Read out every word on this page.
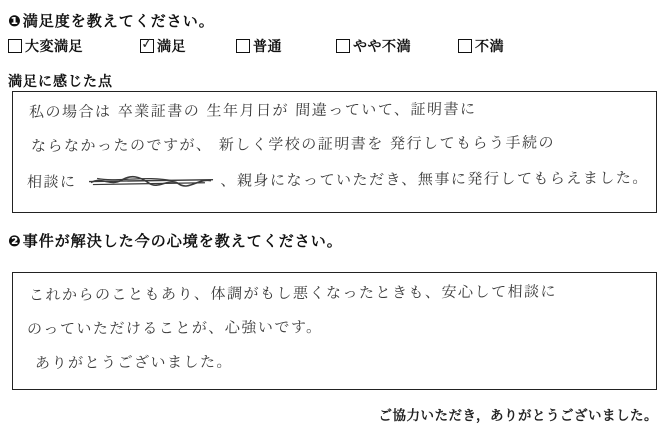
❶満足度を教えてください。
大変満足	✓ 満足	普通	やや不満	不満
満足に感じた点
私の場合は 卒業証書の 生年月日が 間違っていて、証明書に
ならなかったのですが、 新しく学校の証明書を 発行してもらう手続の
相談に	、親身になっていただき、無事に発行してもらえました。
❷事件が解決した今の心境を教えてください。
これからのこともあり、体調がもし悪くなったときも、安心して相談に
のっていただけることが、心強いです。
ありがとうございました。
ご協力いただき，ありがとうございました。
